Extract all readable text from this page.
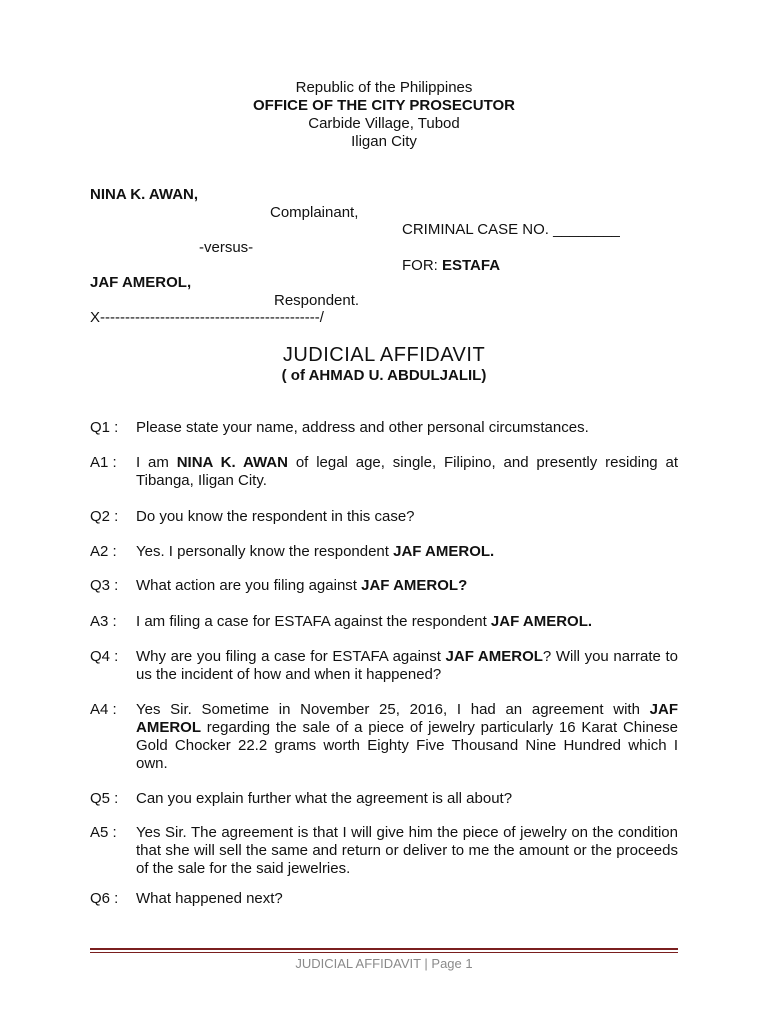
Republic of the Philippines
OFFICE OF THE CITY PROSECUTOR
Carbide Village, Tubod
Iligan City
NINA K. AWAN,
Complainant,
CRIMINAL CASE NO. ________
-versus-
FOR: ESTAFA
JAF AMEROL,
Respondent.
X--------------------------------------------/
JUDICIAL AFFIDAVIT
( of AHMAD U. ABDULJALIL)
Q1 :	Please state your name, address and other personal circumstances.
A1 :	I am NINA K. AWAN of legal age, single, Filipino, and presently residing at Tibanga, Iligan City.
Q2 :	Do you know the respondent in this case?
A2 :	Yes. I personally know the respondent JAF AMEROL.
Q3 :	What action are you filing against JAF AMEROL?
A3 :	I am filing a case for ESTAFA against the respondent JAF AMEROL.
Q4 :	Why are you filing a case for ESTAFA against JAF AMEROL? Will you narrate to us the incident of how and when it happened?
A4 :	Yes Sir. Sometime in November 25, 2016, I had an agreement with JAF AMEROL regarding the sale of a piece of jewelry particularly 16 Karat Chinese Gold Chocker 22.2 grams worth Eighty Five Thousand Nine Hundred which I own.
Q5 :	Can you explain further what the agreement is all about?
A5 :	Yes Sir. The agreement is that I will give him the piece of jewelry on the condition that she will sell the same and return or deliver to me the amount or the proceeds of the sale for the said jewelries.
Q6 :	What happened next?
JUDICIAL AFFIDAVIT | Page 1
